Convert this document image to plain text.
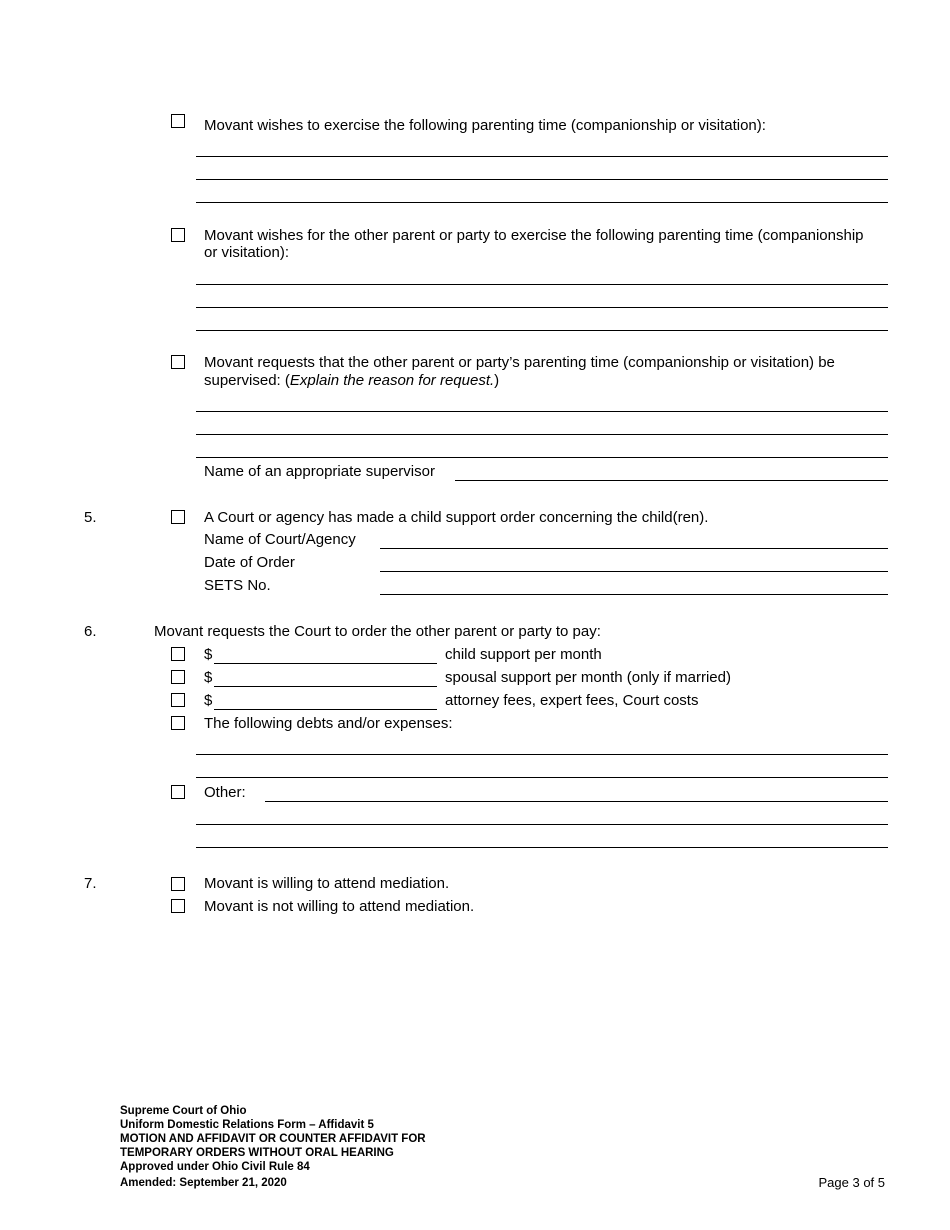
Movant wishes to exercise the following parenting time (companionship or visitation):
Movant wishes for the other parent or party to exercise the following parenting time (companionship
or visitation):
Movant requests that the other parent or party’s parenting time (companionship or visitation) be
supervised: (Explain the reason for request.)
Name of an appropriate supervisor
5.	A Court or agency has made a child support order concerning the child(ren).
Name of Court/Agency
Date of Order
SETS No.
6.	Movant requests the Court to order the other parent or party to pay:
$	child support per month
$	spousal support per month (only if married)
$	attorney fees, expert fees, Court costs
The following debts and/or expenses:
Other:
7.	Movant is willing to attend mediation.
Movant is not willing to attend mediation.
Supreme Court of Ohio
Uniform Domestic Relations Form – Affidavit 5
MOTION AND AFFIDAVIT OR COUNTER AFFIDAVIT FOR
TEMPORARY ORDERS WITHOUT ORAL HEARING
Approved under Ohio Civil Rule 84
Amended: September 21, 2020	Page 3 of 5
